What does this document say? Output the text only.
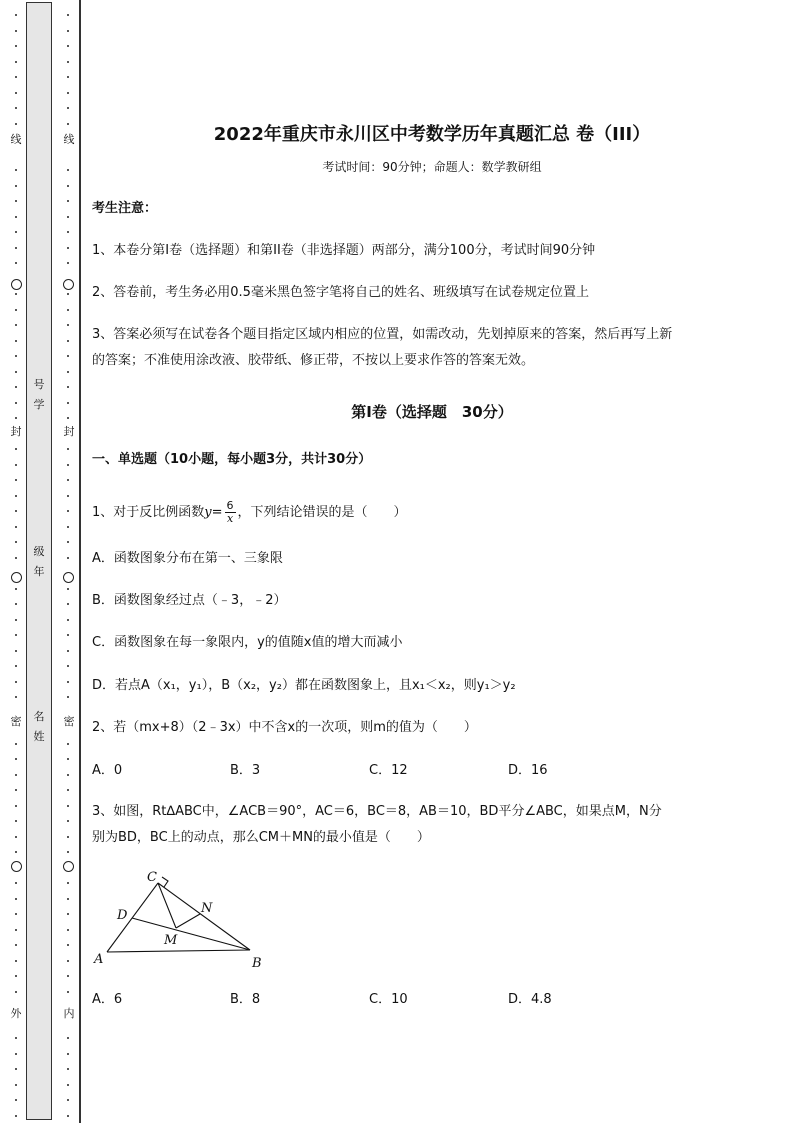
线
封
密
外
线
封
密
内
号
学
级
年
名
姓
2022年重庆市永川区中考数学历年真题汇总 卷（III）
考试时间：90分钟；命题人：数学教研组
考生注意：
1、本卷分第I卷（选择题）和第II卷（非选择题）两部分，满分100分，考试时间90分钟
2、答卷前，考生务必用0.5毫米黑色签字笔将自己的姓名、班级填写在试卷规定位置上
3、答案必须写在试卷各个题目指定区域内相应的位置，如需改动，先划掉原来的答案，然后再写上新
的答案；不准使用涂改液、胶带纸、修正带，不按以上要求作答的答案无效。
第I卷（选择题　30分）
一、单选题（10小题，每小题3分，共计30分）
1、对于反比例函数$y= \frac{6}{x}$ ，下列结论错误的是（　　）
A．函数图象分布在第一、三象限
B．函数图象经过点（﹣3，﹣2）
C．函数图象在每一象限内，y的值随x值的增大而减小
D．若点A（x₁，y₁），B（x₂，y₂）都在函数图象上，且x₁＜x₂，则y₁＞y₂
2、若（mx+8）（2﹣3x）中不含x的一次项，则m的值为（　　）
A．0	B．3	C．12	D．16
3、如图，Rt∆ABC中，∠ACB＝90°，AC＝6，BC＝8，AB＝10，BD平分∠ABC，如果点M，N分
别为BD，BC上的动点，那么CM＋MN的最小值是（　　）
A．6	B．8	C．10	D．4.8
C
D	N
M
A	B
